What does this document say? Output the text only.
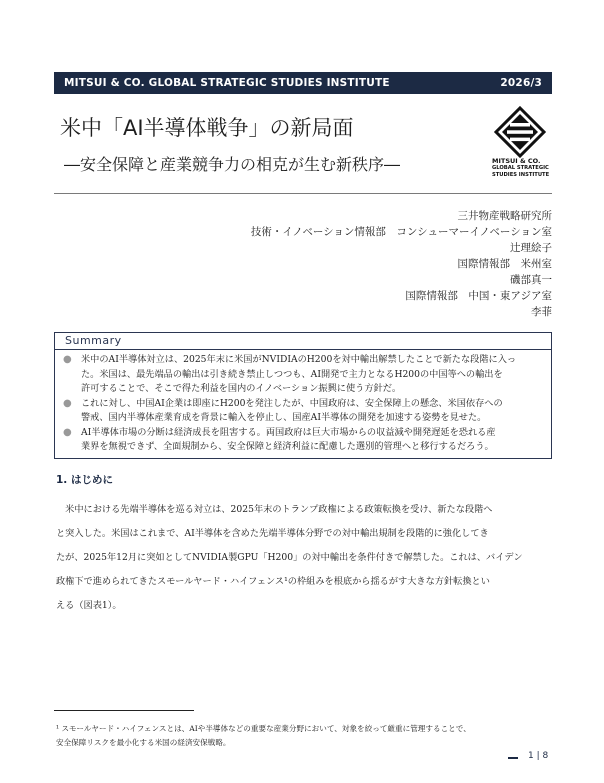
MITSUI & CO. GLOBAL STRATEGIC STUDIES INSTITUTE	2026/3
米中「AI半導体戦争」の新局面
―安全保障と産業競争力の相克が生む新秩序―	MITSUI & CO.
GLOBAL STRATEGIC
STUDIES INSTITUTE
三井物産戦略研究所
技術・イノベーション情報部　コンシューマーイノベーション室
辻理絵子
国際情報部　米州室
磯部真一
国際情報部　中国・東アジア室
李菲
Summary
● 米中のAI半導体対立は、2025年末に米国がNVIDIAのH200を対中輸出解禁したことで新たな段階に入っ
た。米国は、最先端品の輸出は引き続き禁止しつつも、AI開発で主力となるH200の中国等への輸出を
許可することで、そこで得た利益を国内のイノベーション振興に使う方針だ。
● これに対し、中国AI企業は即座にH200を発注したが、中国政府は、安全保障上の懸念、米国依存への
警戒、国内半導体産業育成を背景に輸入を停止し、国産AI半導体の開発を加速する姿勢を見せた。
● AI半導体市場の分断は経済成長を阻害する。両国政府は巨大市場からの収益減や開発遅延を恐れる産
業界を無視できず、全面規制から、安全保障と経済利益に配慮した選別的管理へと移行するだろう。
1. はじめに
　米中における先端半導体を巡る対立は、2025年末のトランプ政権による政策転換を受け、新たな段階へ
と突入した。米国はこれまで、AI半導体を含めた先端半導体分野での対中輸出規制を段階的に強化してき
たが、2025年12月に突如としてNVIDIA製GPU「H200」の対中輸出を条件付きで解禁した。これは、バイデン
政権下で進められてきたスモールヤード・ハイフェンス¹の枠組みを根底から揺るがす大きな方針転換とい
える（図表1）。
¹ スモールヤード・ハイフェンスとは、AIや半導体などの重要な産業分野において、対象を絞って厳重に管理することで、
安全保障リスクを最小化する米国の経済安保戦略。
1 | 8
